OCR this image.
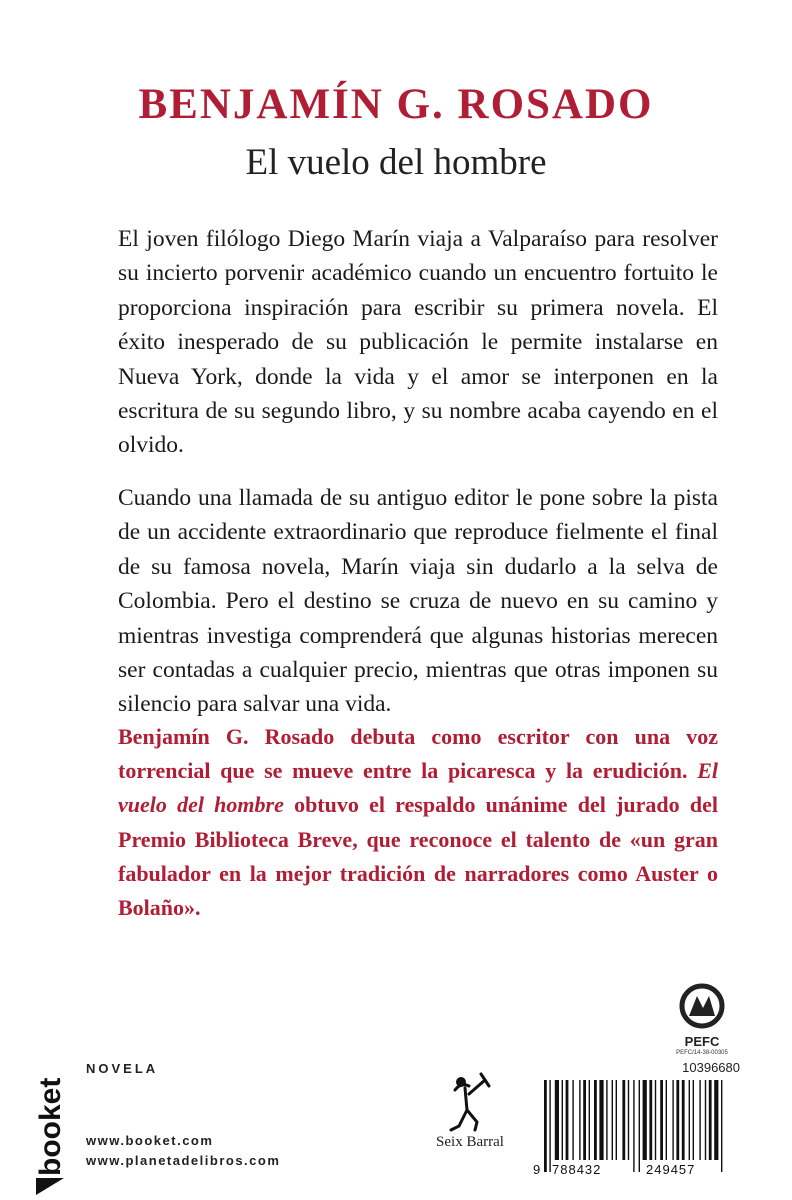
BENJAMÍN G. ROSADO
El vuelo del hombre

El joven filólogo Diego Marín viaja a Valparaíso para resolver su incierto porvenir académico cuando un encuentro fortuito le proporciona inspiración para escribir su primera novela. El éxito inesperado de su publicación le permite instalarse en Nueva York, donde la vida y el amor se interponen en la escritura de su segundo libro, y su nombre acaba cayendo en el olvido.

Cuando una llamada de su antiguo editor le pone sobre la pista de un accidente extraordinario que reproduce fielmente el final de su famosa novela, Marín viaja sin dudarlo a la selva de Colombia. Pero el destino se cruza de nuevo en su camino y mientras investiga comprenderá que algunas historias merecen ser contadas a cualquier precio, mientras que otras imponen su silencio para salvar una vida.

Benjamín G. Rosado debuta como escritor con una voz torrencial que se mueve entre la picaresca y la erudición. El vuelo del hombre obtuvo el respaldo unánime del jurado del Premio Biblioteca Breve, que reconoce el talento de «un gran fabulador en la mejor tradición de narradores como Auster o Bolaño».

PEFC
PEFC/14-38-00305
booket
NOVELA
www.booket.com
www.planetadelibros.com
Seix Barral
10396680
9 788432	249457
